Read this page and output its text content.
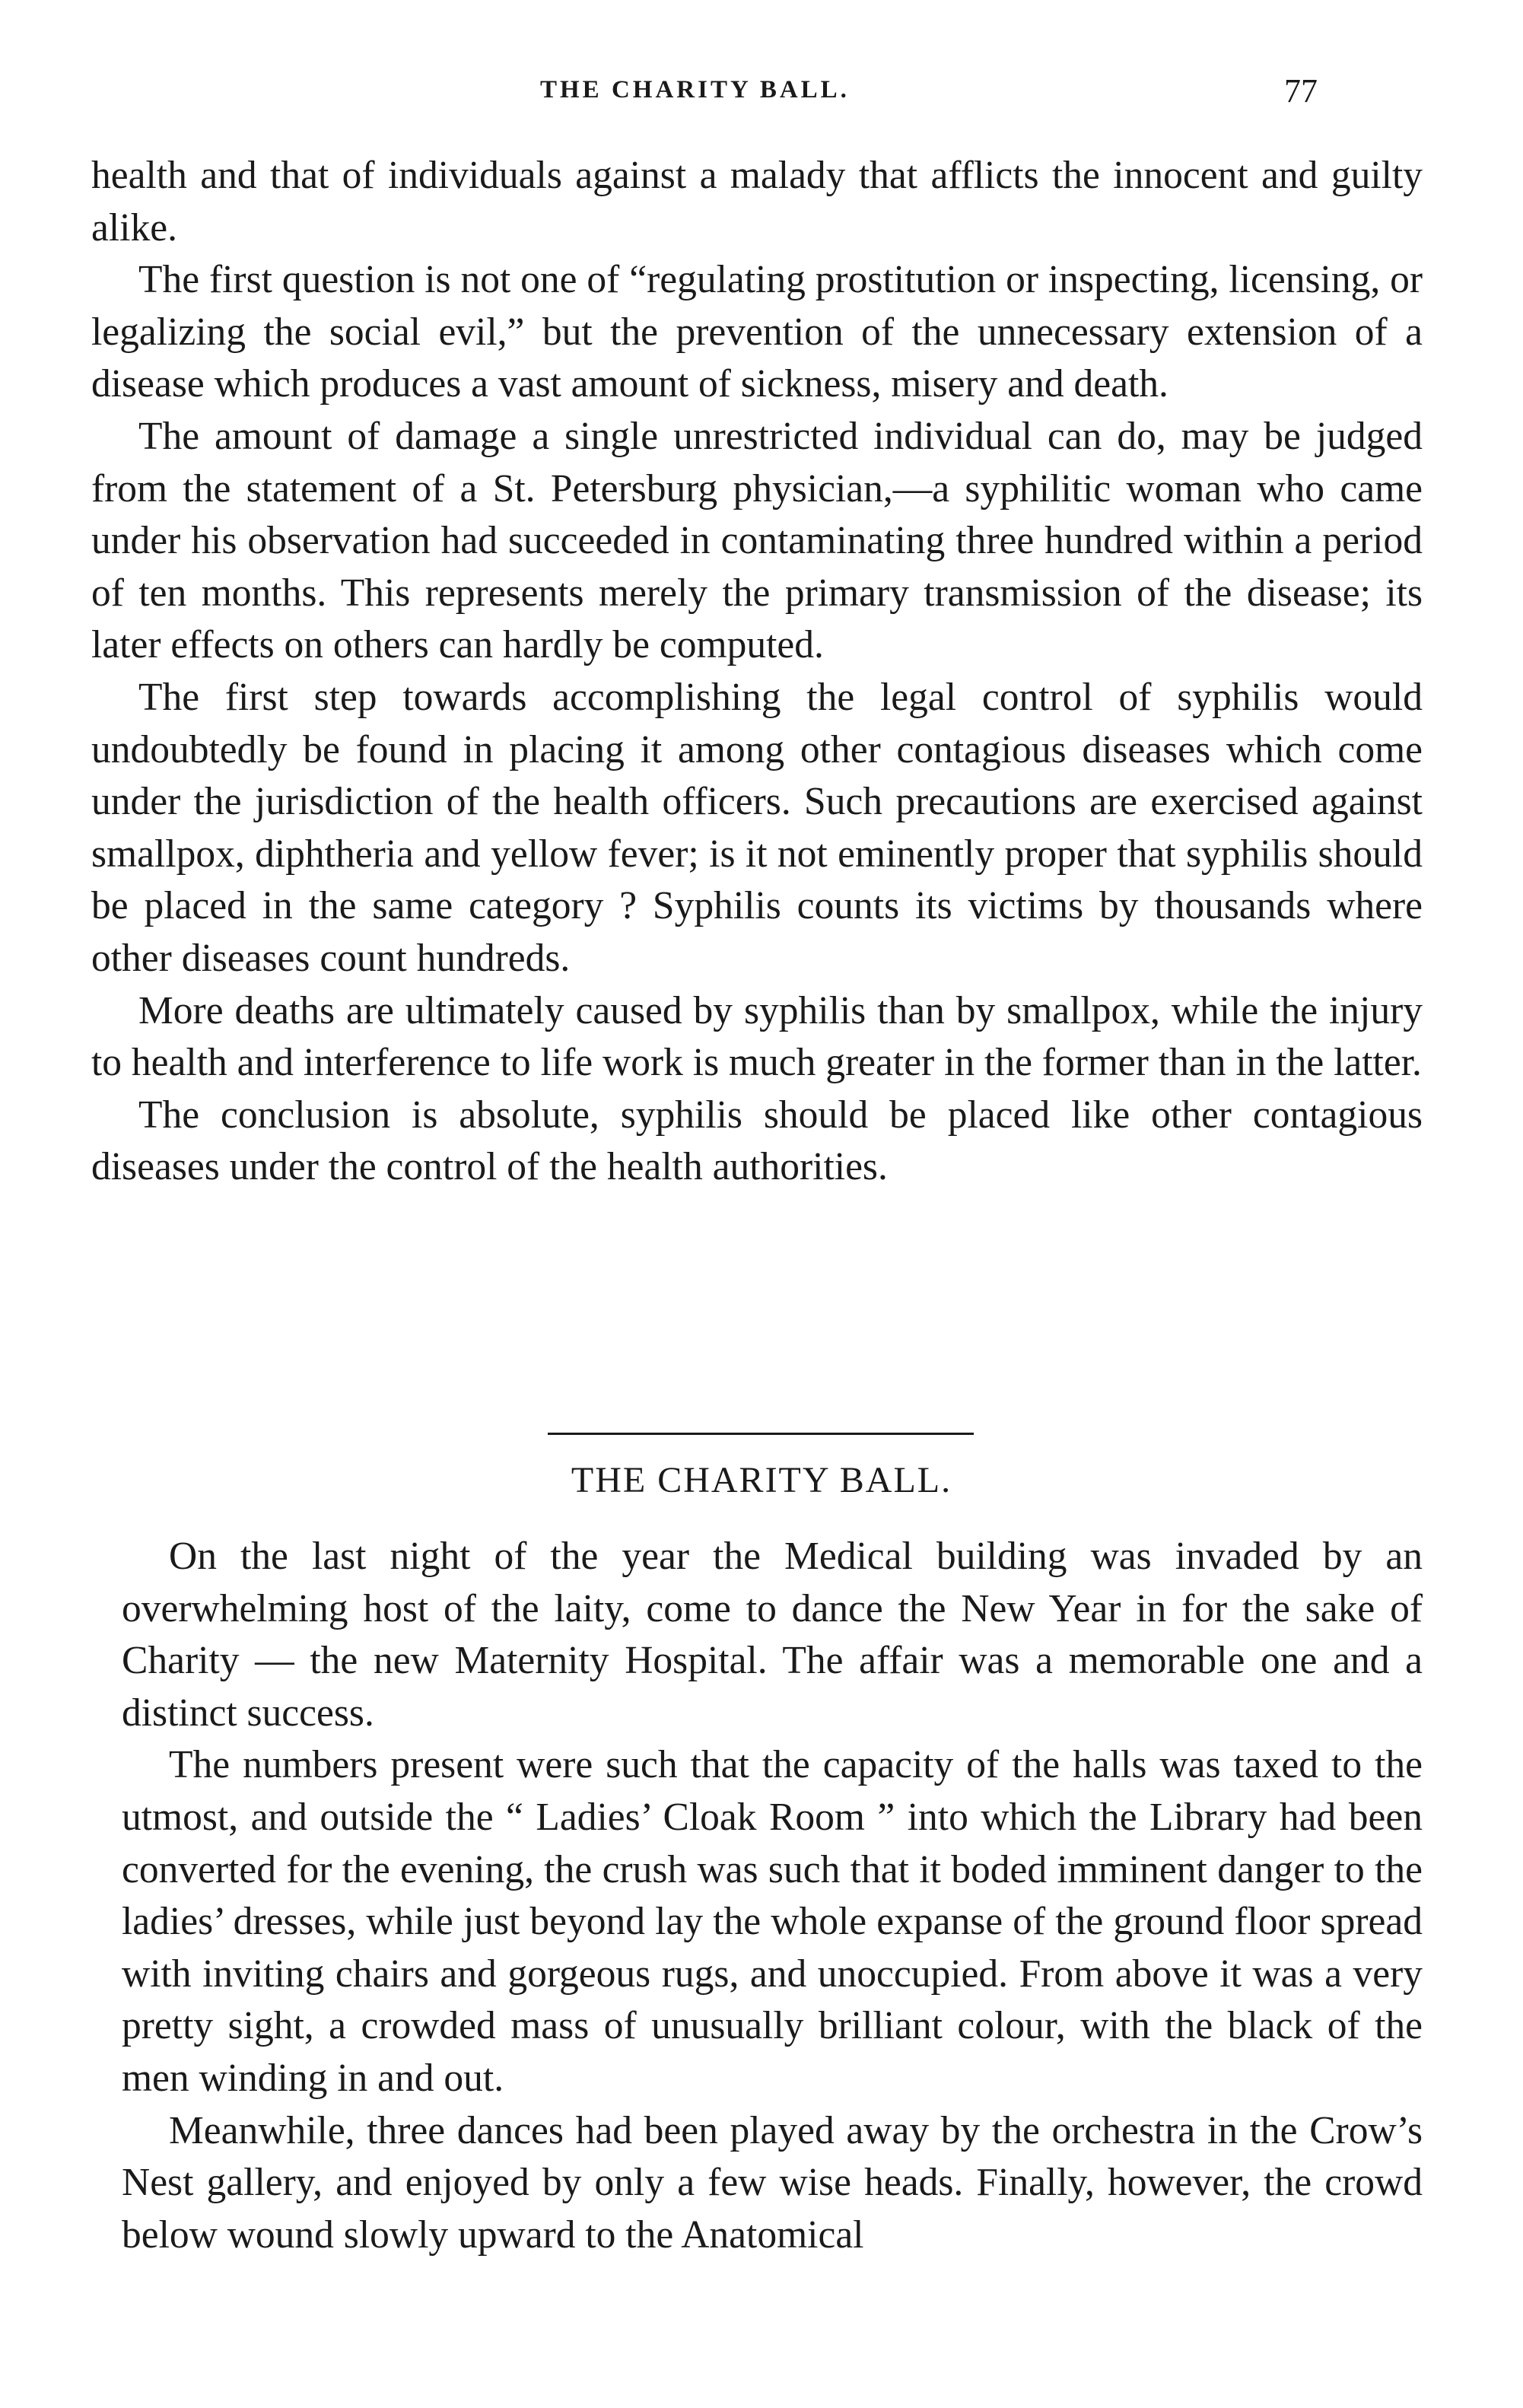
THE CHARITY BALL.	77

health and that of individuals against a malady that afflicts the innocent and guilty alike.

The first question is not one of “regulating prostitution or inspecting, licensing, or legalizing the social evil,” but the prevention of the unnecessary extension of a disease which produces a vast amount of sickness, misery and death.

The amount of damage a single unrestricted individual can do, may be judged from the statement of a St. Petersburg physician,—a syphilitic woman who came under his observation had succeeded in contaminating three hundred within a period of ten months. This represents merely the primary transmission of the disease; its later effects on others can hardly be computed.

The first step towards accomplishing the legal control of syphilis would undoubtedly be found in placing it among other contagious diseases which come under the jurisdiction of the health officers. Such precautions are exercised against smallpox, diphtheria and yellow fever; is it not eminently proper that syphilis should be placed in the same category ? Syphilis counts its victims by thousands where other diseases count hundreds.

More deaths are ultimately caused by syphilis than by smallpox, while the injury to health and interference to life work is much greater in the former than in the latter.

The conclusion is absolute, syphilis should be placed like other contagious diseases under the control of the health authorities.

THE CHARITY BALL.

On the last night of the year the Medical building was invaded by an overwhelming host of the laity, come to dance the New Year in for the sake of Charity — the new Maternity Hospital. The affair was a memorable one and a distinct success.

The numbers present were such that the capacity of the halls was taxed to the utmost, and outside the “ Ladies’ Cloak Room ” into which the Library had been converted for the evening, the crush was such that it boded imminent danger to the ladies’ dresses, while just beyond lay the whole expanse of the ground floor spread with inviting chairs and gorgeous rugs, and unoccupied. From above it was a very pretty sight, a crowded mass of unusually brilliant colour, with the black of the men winding in and out.

Meanwhile, three dances had been played away by the orchestra in the Crow’s Nest gallery, and enjoyed by only a few wise heads. Finally, however, the crowd below wound slowly upward to the Anatomical
